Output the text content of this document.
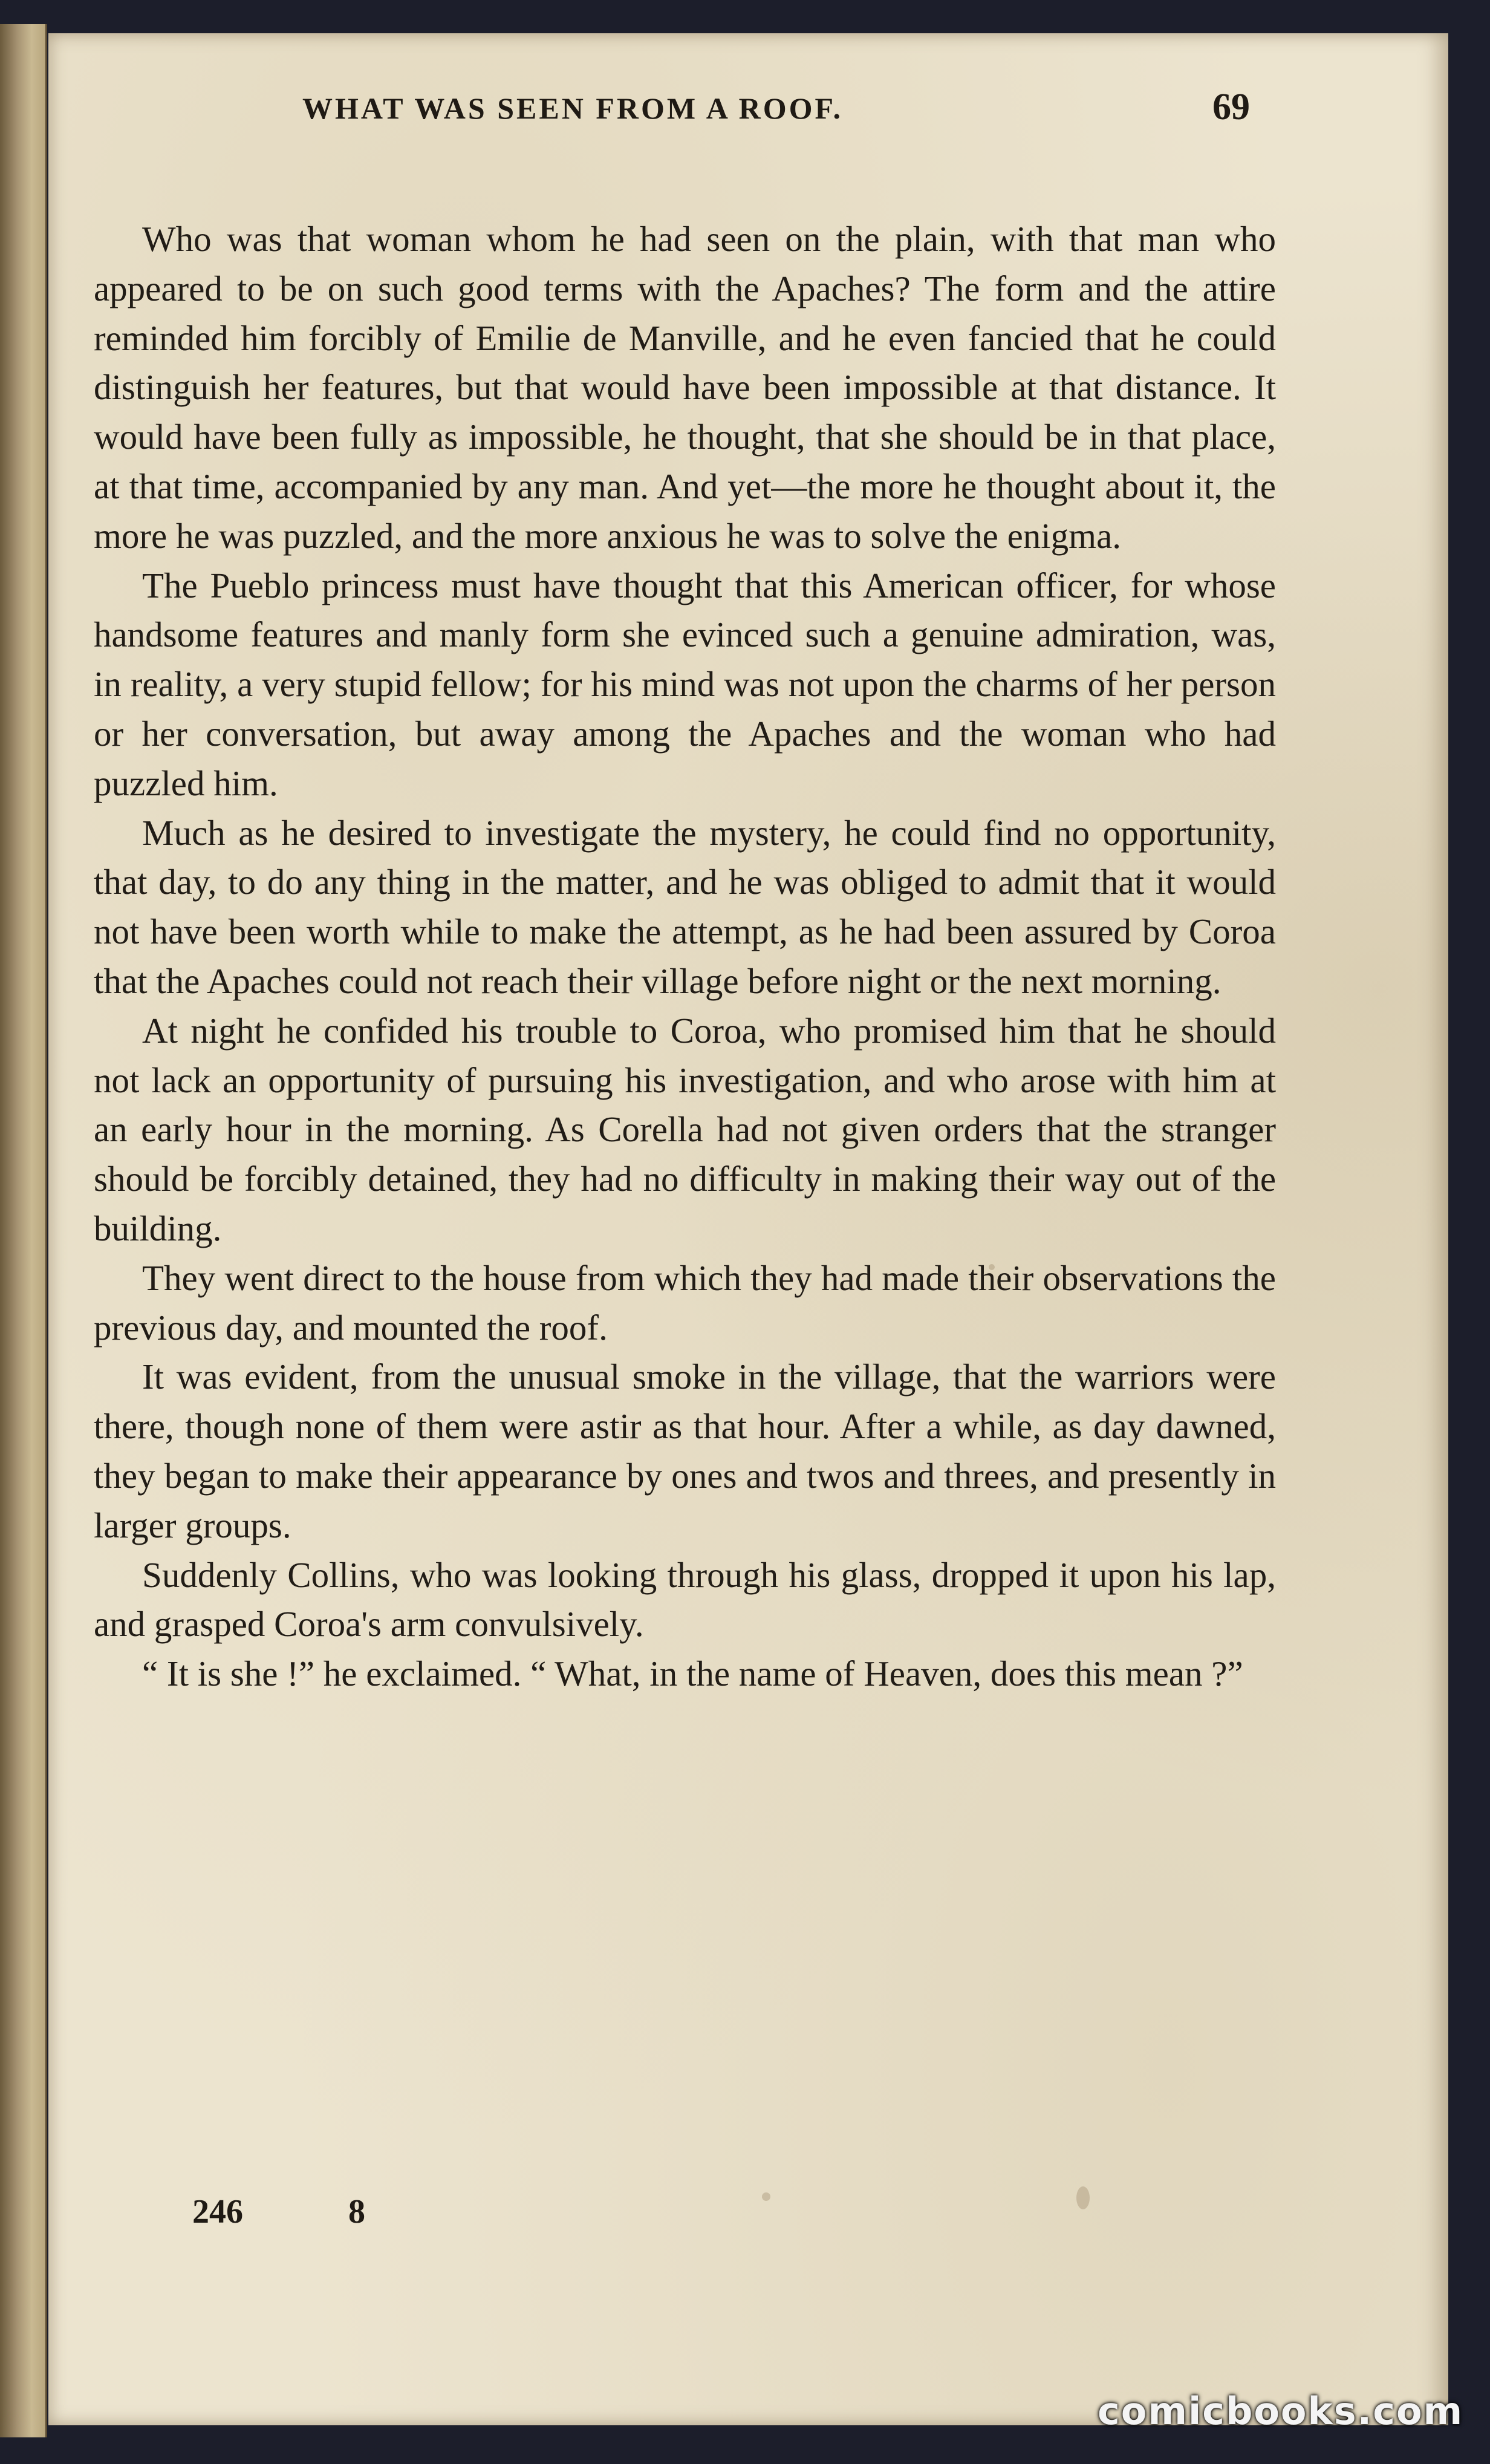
WHAT WAS SEEN FROM A ROOF.	69

Who was that woman whom he had seen on the plain, with that man who appeared to be on such good terms with the Apaches? The form and the attire reminded him forcibly of Emilie de Manville, and he even fancied that he could distinguish her features, but that would have been impossible at that distance. It would have been fully as impossible, he thought, that she should be in that place, at that time, accompanied by any man. And yet—the more he thought about it, the more he was puzzled, and the more anxious he was to solve the enigma.

The Pueblo princess must have thought that this American officer, for whose handsome features and manly form she evinced such a genuine admiration, was, in reality, a very stupid fellow; for his mind was not upon the charms of her person or her conversation, but away among the Apaches and the woman who had puzzled him.

Much as he desired to investigate the mystery, he could find no opportunity, that day, to do any thing in the matter, and he was obliged to admit that it would not have been worth while to make the attempt, as he had been assured by Coroa that the Apaches could not reach their village before night or the next morning.

At night he confided his trouble to Coroa, who promised him that he should not lack an opportunity of pursuing his investigation, and who arose with him at an early hour in the morning. As Corella had not given orders that the stranger should be forcibly detained, they had no difficulty in making their way out of the building.

They went direct to the house from which they had made their observations the previous day, and mounted the roof.

It was evident, from the unusual smoke in the village, that the warriors were there, though none of them were astir as that hour. After a while, as day dawned, they began to make their appearance by ones and twos and threes, and presently in larger groups.

Suddenly Collins, who was looking through his glass, dropped it upon his lap, and grasped Coroa's arm convulsively.

“ It is she !” he exclaimed. “ What, in the name of Heaven, does this mean ?”

246	8
comicbooks.com
